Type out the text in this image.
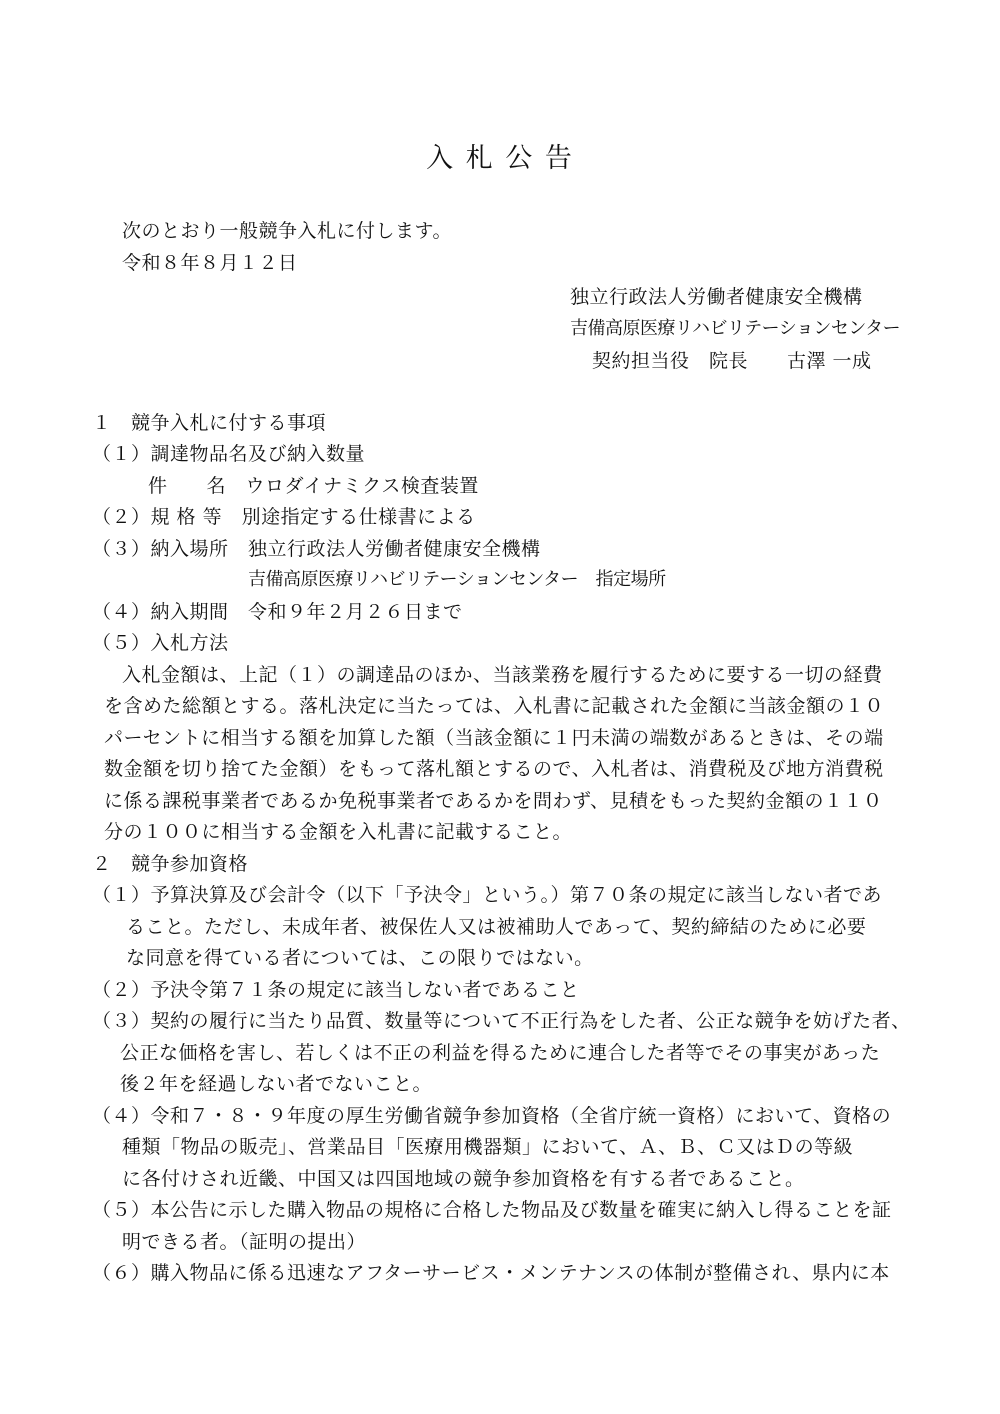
入 札 公 告
次のとおり一般競争入札に付します。
令和８年８月１２日
独立行政法人労働者健康安全機構
吉備高原医療リハビリテーションセンター
契約担当役　院長　　古澤 一成
１　競争入札に付する事項
（１）調達物品名及び納入数量
件　　名　ウロダイナミクス検査装置
（２）規 格 等　別途指定する仕様書による
（３）納入場所　独立行政法人労働者健康安全機構
吉備高原医療リハビリテーションセンター　指定場所
（４）納入期間　令和９年２月２６日まで
（５）入札方法
入札金額は、上記（１）の調達品のほか、当該業務を履行するために要する一切の経費
を含めた総額とする。落札決定に当たっては、入札書に記載された金額に当該金額の１０
パーセントに相当する額を加算した額（当該金額に１円未満の端数があるときは、その端
数金額を切り捨てた金額）をもって落札額とするので、入札者は、消費税及び地方消費税
に係る課税事業者であるか免税事業者であるかを問わず、見積をもった契約金額の１１０
分の１００に相当する金額を入札書に記載すること。
２　競争参加資格
（１）予算決算及び会計令（以下「予決令」という。）第７０条の規定に該当しない者であ
ること。ただし、未成年者、被保佐人又は被補助人であって、契約締結のために必要
な同意を得ている者については、この限りではない。
（２）予決令第７１条の規定に該当しない者であること
（３）契約の履行に当たり品質、数量等について不正行為をした者、公正な競争を妨げた者、
公正な価格を害し、若しくは不正の利益を得るために連合した者等でその事実があった
後２年を経過しない者でないこと。
（４）令和７・８・９年度の厚生労働省競争参加資格（全省庁統一資格）において、資格の
種類「物品の販売」、営業品目「医療用機器類」において、Ａ、Ｂ、Ｃ又はＤの等級
に各付けされ近畿、中国又は四国地域の競争参加資格を有する者であること。
（５）本公告に示した購入物品の規格に合格した物品及び数量を確実に納入し得ることを証
明できる者。（証明の提出）
（６）購入物品に係る迅速なアフターサービス・メンテナンスの体制が整備され、県内に本
